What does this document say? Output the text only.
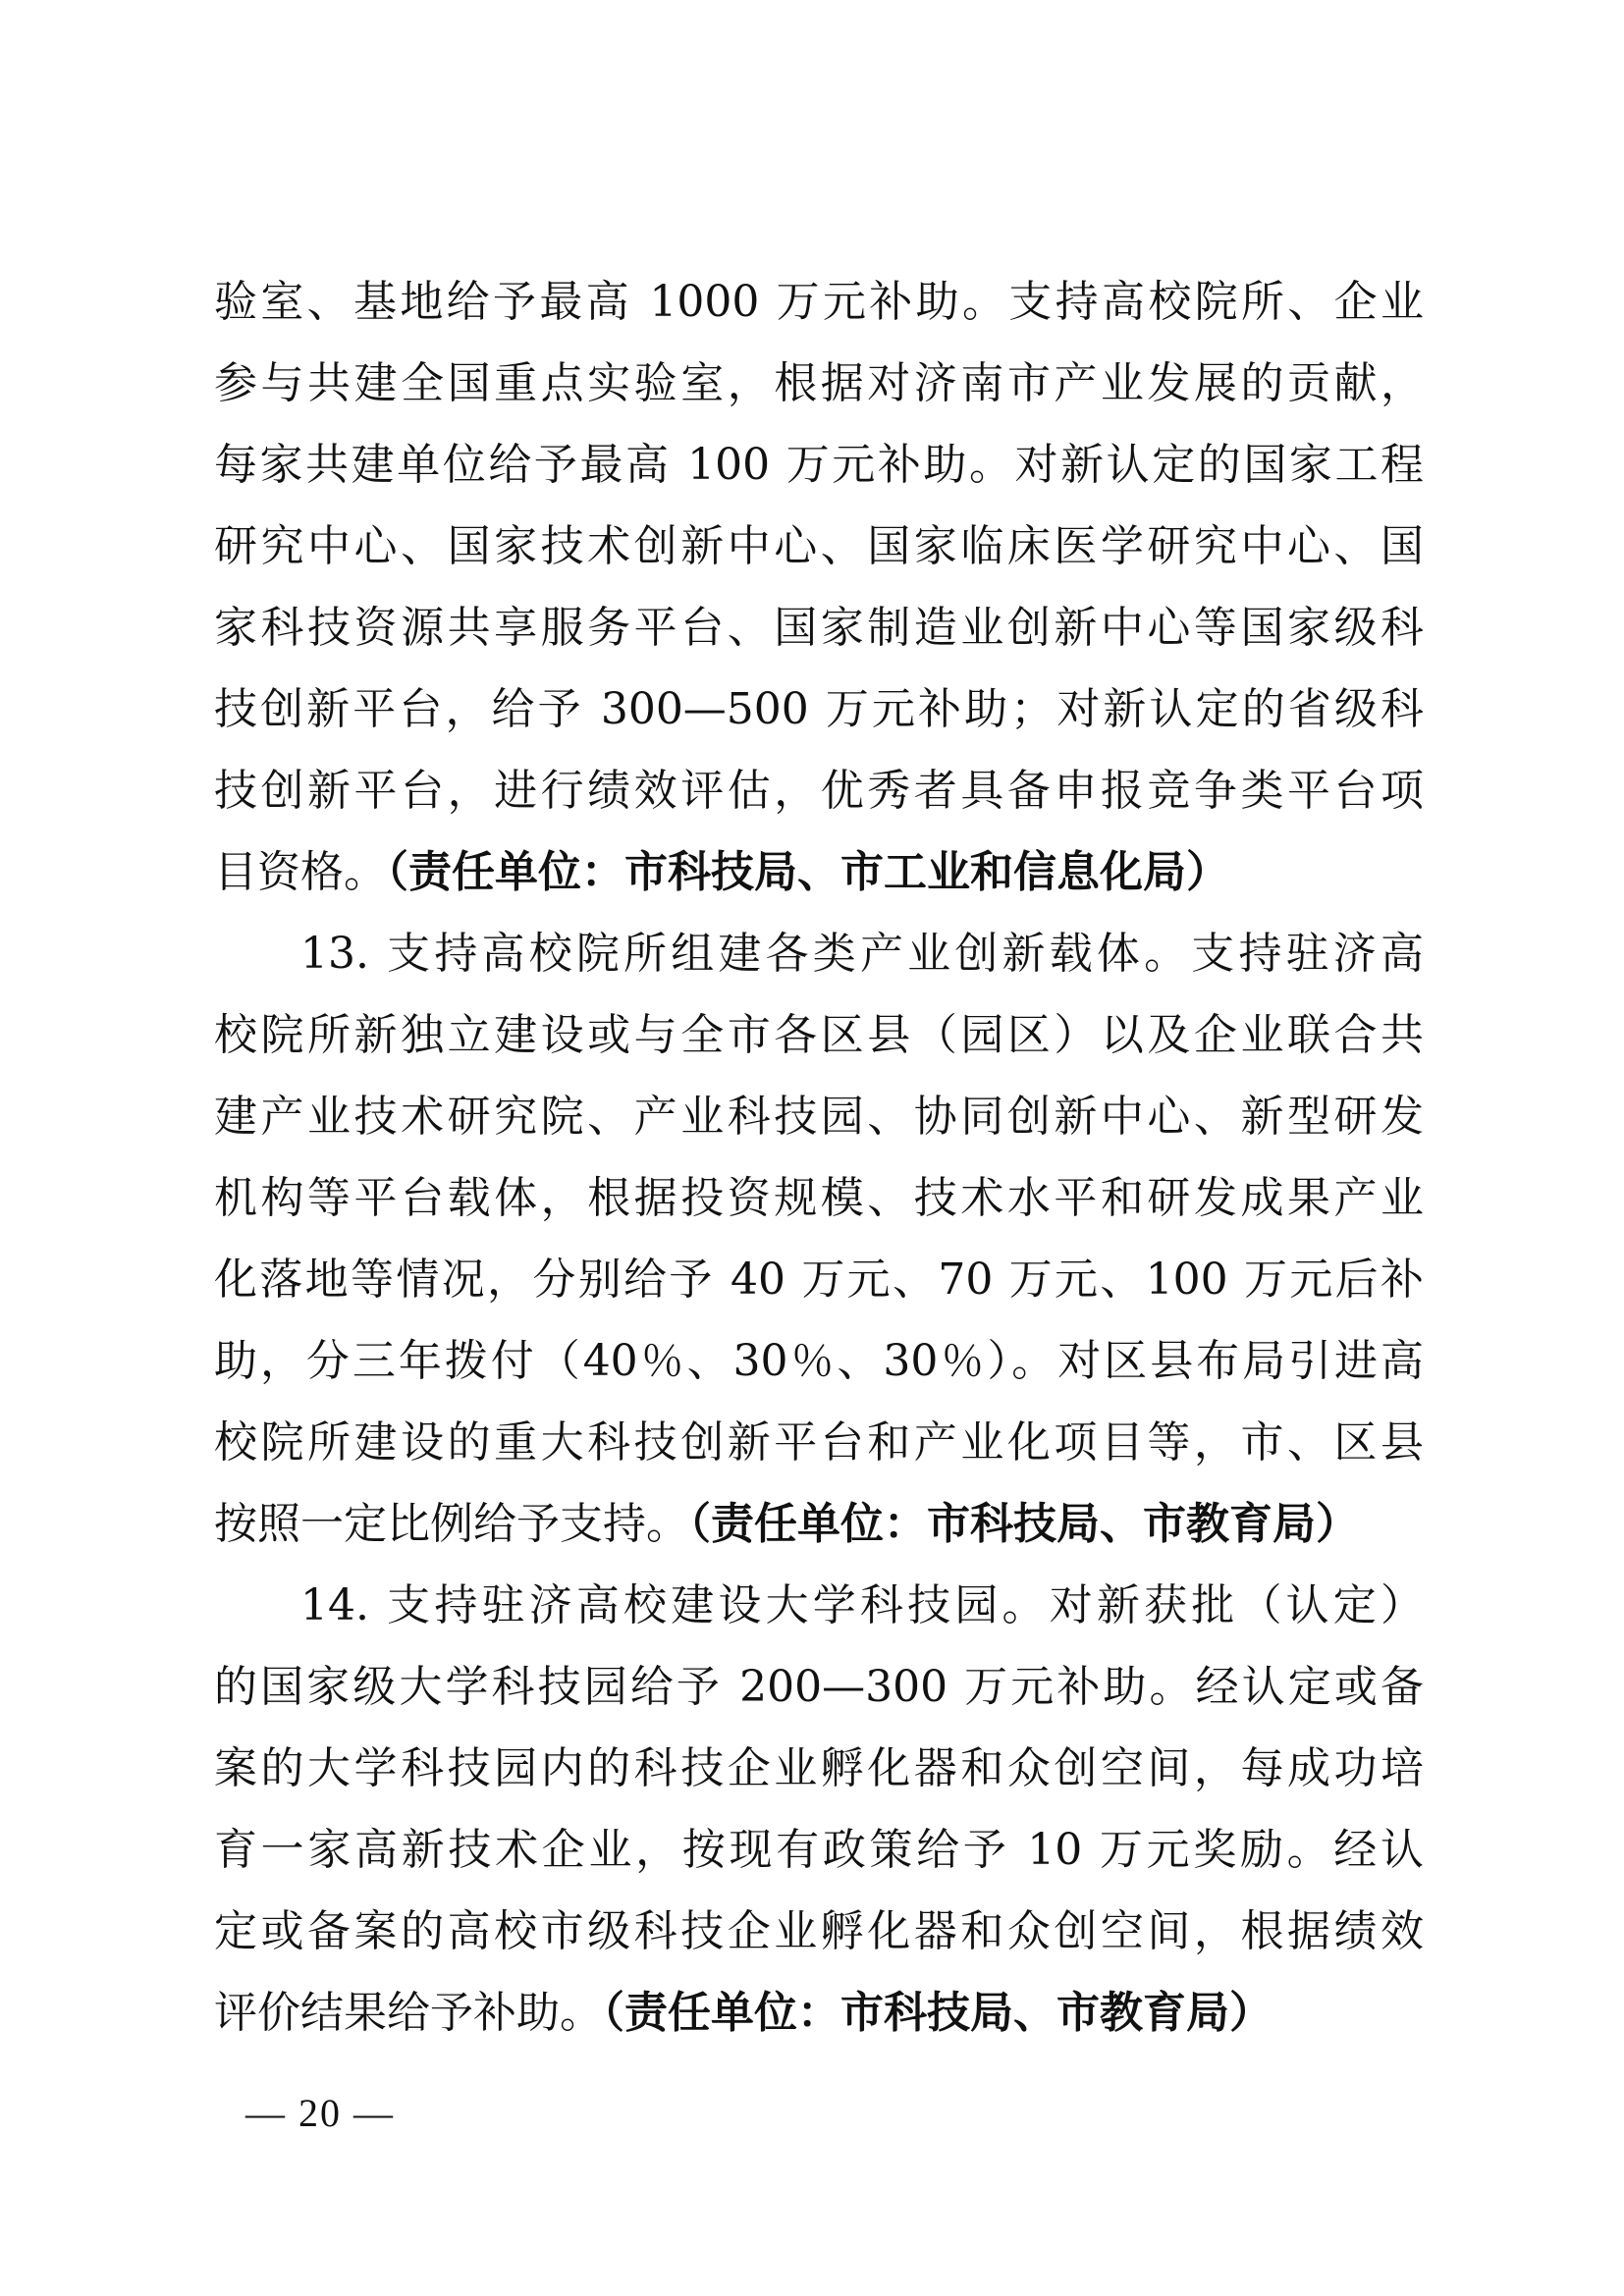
验室、基地给予最高 1000 万元补助。支持高校院所、企业
参与共建全国重点实验室，根据对济南市产业发展的贡献，
每家共建单位给予最高 100 万元补助。对新认定的国家工程
研究中心、国家技术创新中心、国家临床医学研究中心、国
家科技资源共享服务平台、国家制造业创新中心等国家级科
技创新平台，给予 300—500 万元补助；对新认定的省级科
技创新平台，进行绩效评估，优秀者具备申报竞争类平台项
目资格。（责任单位：市科技局、市工业和信息化局）
13. 支持高校院所组建各类产业创新载体。支持驻济高
校院所新独立建设或与全市各区县（园区）以及企业联合共
建产业技术研究院、产业科技园、协同创新中心、新型研发
机构等平台载体，根据投资规模、技术水平和研发成果产业
化落地等情况，分别给予 40 万元、70 万元、100 万元后补
助，分三年拨付（40％、30％、30％）。对区县布局引进高
校院所建设的重大科技创新平台和产业化项目等，市、区县
按照一定比例给予支持。（责任单位：市科技局、市教育局）
14. 支持驻济高校建设大学科技园。对新获批（认定）
的国家级大学科技园给予 200—300 万元补助。经认定或备
案的大学科技园内的科技企业孵化器和众创空间，每成功培
育一家高新技术企业，按现有政策给予 10 万元奖励。经认
定或备案的高校市级科技企业孵化器和众创空间，根据绩效
评价结果给予补助。（责任单位：市科技局、市教育局）
— 20 —
